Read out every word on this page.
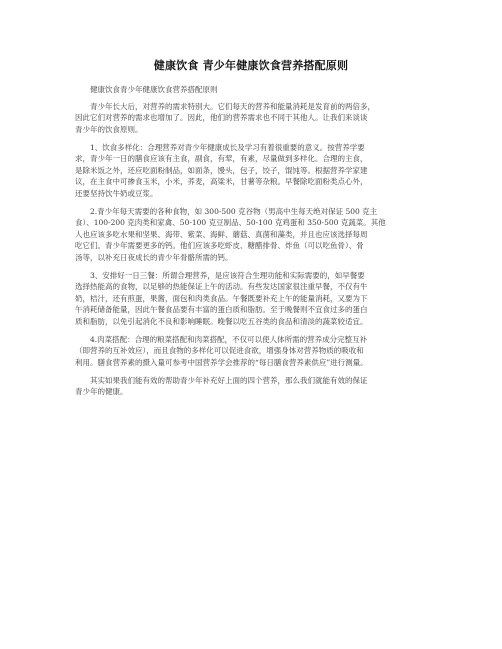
健康饮食 青少年健康饮食营养搭配原则

健康饮食青少年健康饮食营养搭配原则

青少年长大后，对营养的需求特别大。它们每天的营养和能量消耗是发育前的两倍多，
因此它们对营养的需求也增加了。因此，他们的营养需求也不同于其他人。让我们来谈谈
青少年的饮食原则。

1、饮食多样化：合理营养对青少年健康成长及学习有着很重要的意义。按营养学要
求，青少年一日的膳食应该有主食，副食，有荤，有素，尽量做到多样化。合理的主食，
是除米饭之外，还应吃面粉制品，如面条，馒头，包子，饺子，馄饨等。根据营养学家建
议，在主食中可掺食玉米，小米，荞麦，高粱米，甘薯等杂粮。早餐除吃面粉类点心外，
还要坚持饮牛奶或豆浆。

2.青少年每天需要的各种食物，如 300-500 克谷物（男高中生每天绝对保证 500 克主
食）、100-200 克肉类和家禽、50-100 克豆制品、50-100 克鸡蛋和 350-500 克蔬菜。其他
人也应该多吃水果和坚果、海带、紫菜、海鲜、蘑菇、真菌和藻类，并且也应该选择每周
吃它们。青少年需要更多的钙。他们应该多吃虾皮、糖醋排骨、炸鱼（可以吃鱼骨）、骨
汤等，以补充日夜成长的青少年骨骼所需的钙。

3、安排好一日三餐：所谓合理营养，是应该符合生理功能和实际需要的，如早餐要
选择热能高的食物，以足够的热能保证上午的活动。有些发达国家很注重早餐，不仅有牛
奶，桔汁，还有煎蛋，果酱，面包和肉类食品。午餐既要补充上午的能量消耗，又要为下
午消耗储备能量，因此午餐食品要有丰富的蛋白质和脂肪。至于晚餐则不宜食过多的蛋白
质和脂肪，以免引起消化不良和影响睡眠。晚餐以吃五谷类的食品和清淡的蔬菜较适宜。

4.肉菜搭配：合理的粮菜搭配和肉菜搭配，不仅可以使人体所需的营养成分完整互补
（即营养的互补效应），而且食物的多样化可以促进食欲，增强身体对营养物质的吸收和
利用。膳食营养素的摄入量可参考中国营养学会推荐的“每日膳食营养素供应”进行测量。

其实如果我们能有效的帮助青少年补充好上面的四个营养，那么我们就能有效的保证
青少年的健康。
